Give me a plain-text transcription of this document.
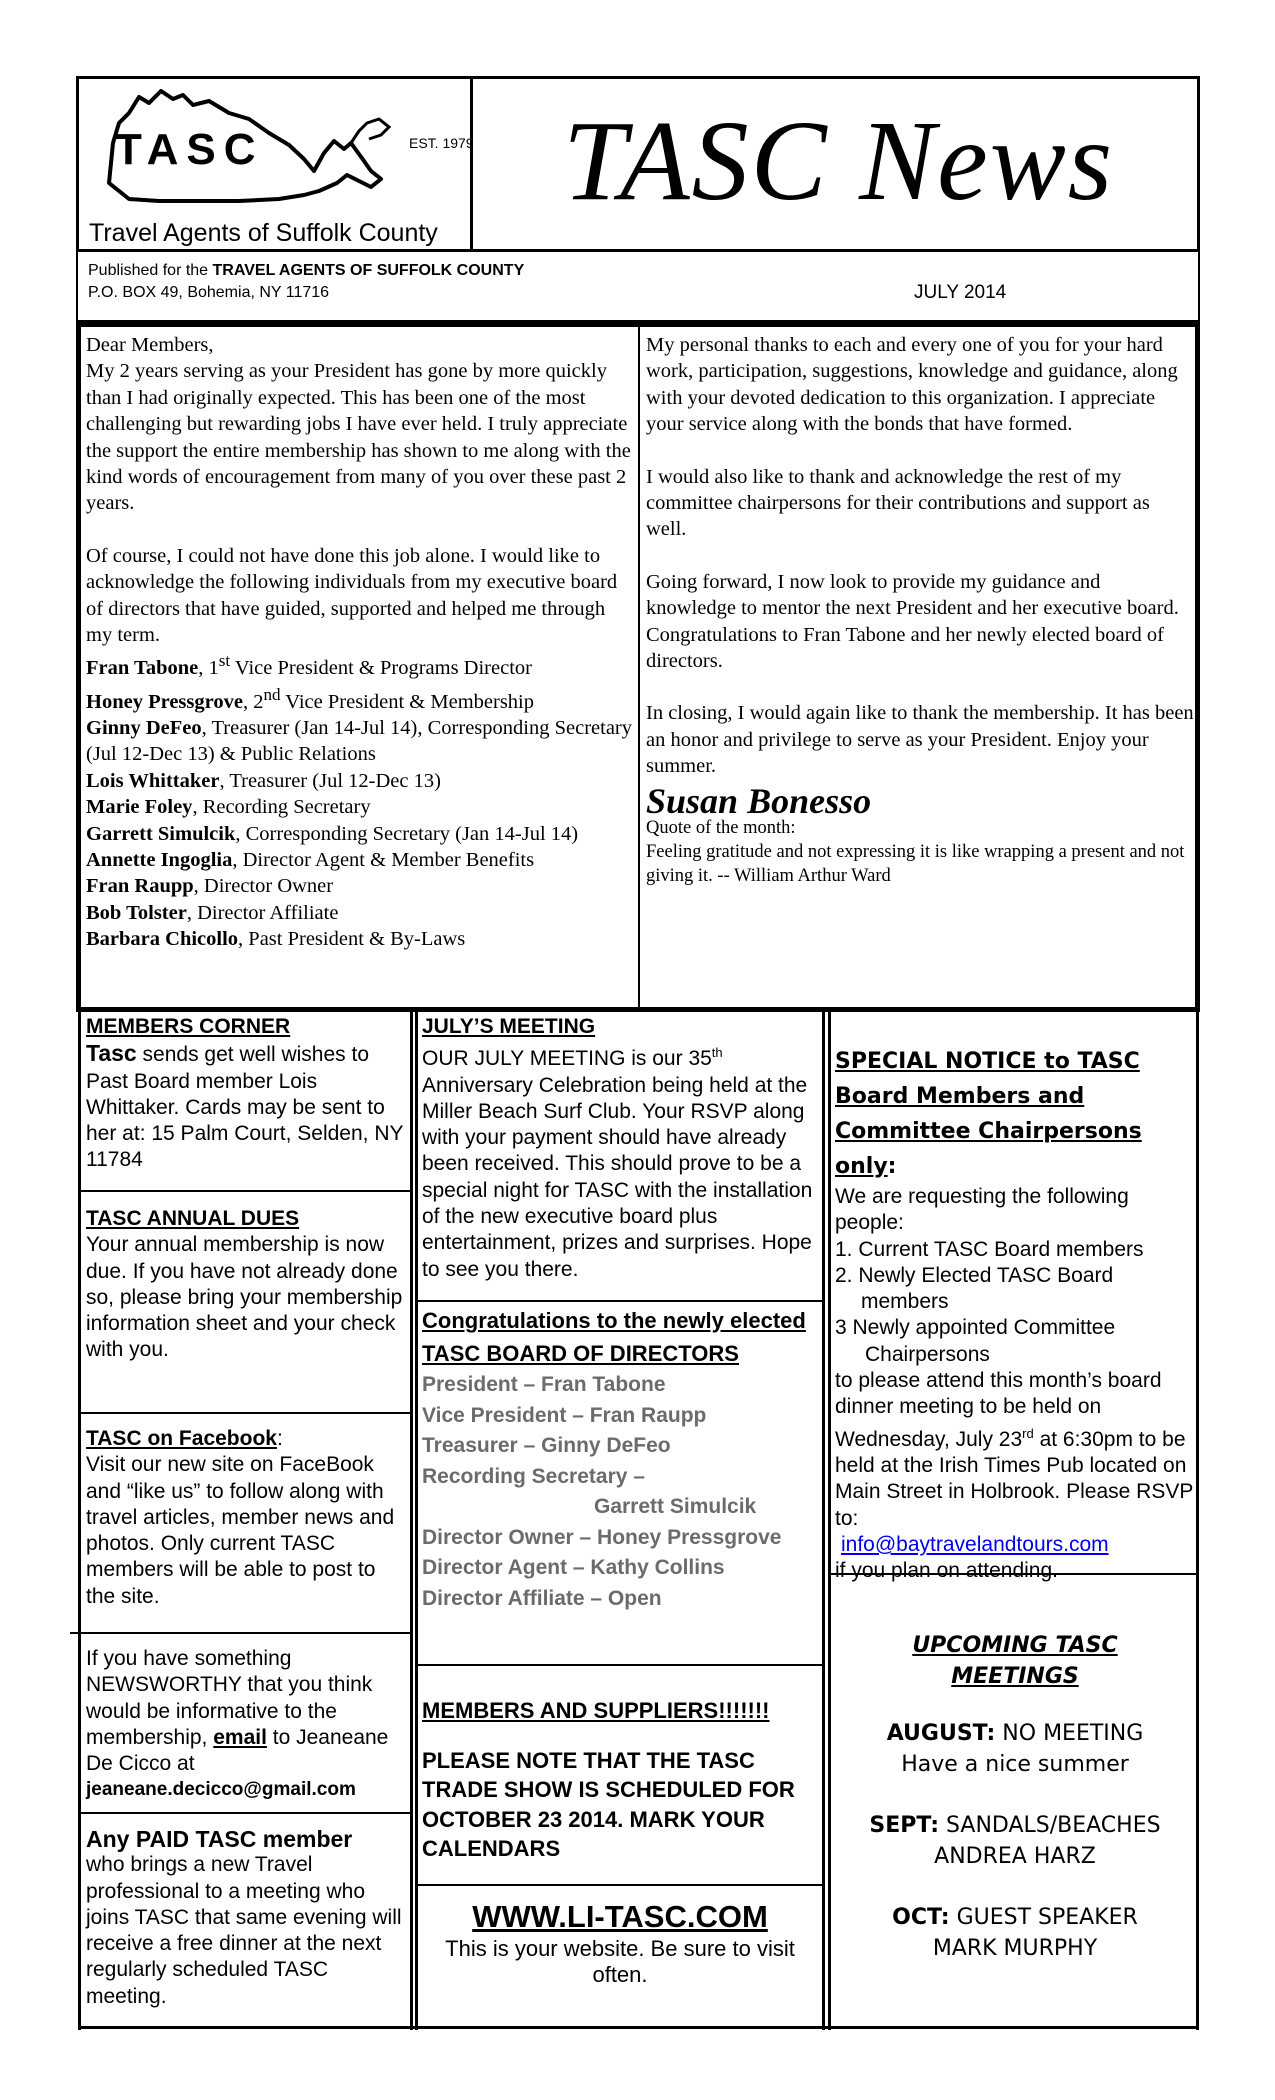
TASC	EST. 1979
Travel Agents of Suffolk County
TASC News
Published for the TRAVEL AGENTS OF SUFFOLK COUNTY
P.O. BOX 49, Bohemia, NY 11716	JULY 2014

Dear Members,

My 2 years serving as your President has gone by more quickly than I had originally expected. This has been one of the most challenging but rewarding jobs I have ever held. I truly appreciate the support the entire membership has shown to me along with the kind words of encouragement from many of you over these past 2 years.

Of course, I could not have done this job alone. I would like to acknowledge the following individuals from my executive board of directors that have guided, supported and helped me through my term.

Fran Tabone, 1st Vice President & Programs Director

Honey Pressgrove, 2nd Vice President & Membership

Ginny DeFeo, Treasurer (Jan 14-Jul 14), Corresponding Secretary (Jul 12-Dec 13) & Public Relations

Lois Whittaker, Treasurer (Jul 12-Dec 13)

Marie Foley, Recording Secretary

Garrett Simulcik, Corresponding Secretary (Jan 14-Jul 14)

Annette Ingoglia, Director Agent & Member Benefits

Fran Raupp, Director Owner

Bob Tolster, Director Affiliate

Barbara Chicollo, Past President & By-Laws

My personal thanks to each and every one of you for your hard work, participation, suggestions, knowledge and guidance, along with your devoted dedication to this organization. I appreciate your service along with the bonds that have formed.

I would also like to thank and acknowledge the rest of my committee chairpersons for their contributions and support as well.

Going forward, I now look to provide my guidance and knowledge to mentor the next President and her executive board. Congratulations to Fran Tabone and her newly elected board of directors.

In closing, I would again like to thank the membership. It has been an honor and privilege to serve as your President. Enjoy your summer.

Susan Bonesso

Quote of the month:

Feeling gratitude and not expressing it is like wrapping a present and not giving it. -- William Arthur Ward

MEMBERS CORNER

Tasc sends get well wishes to Past Board member Lois Whittaker. Cards may be sent to her at: 15 Palm Court, Selden, NY 11784

TASC ANNUAL DUES

Your annual membership is now due. If you have not already done so, please bring your membership information sheet and your check with you.

TASC on Facebook:

Visit our new site on FaceBook and “like us” to follow along with travel articles, member news and photos. Only current TASC members will be able to post to the site.

If you have something NEWSWORTHY that you think would be informative to the membership, email to Jeaneane De Cicco at

jeaneane.decicco@gmail.com

Any PAID TASC member

who brings a new Travel professional to a meeting who joins TASC that same evening will receive a free dinner at the next regularly scheduled TASC meeting.

JULY’S MEETING

OUR JULY MEETING is our 35th Anniversary Celebration being held at the Miller Beach Surf Club. Your RSVP along with your payment should have already been received. This should prove to be a special night for TASC with the installation of the new executive board plus entertainment, prizes and surprises. Hope to see you there.

Congratulations to the newly elected TASC BOARD OF DIRECTORS

President – Fran Tabone

Vice President – Fran Raupp

Treasurer – Ginny DeFeo

Recording Secretary –

Garrett Simulcik

Director Owner – Honey Pressgrove

Director Agent – Kathy Collins

Director Affiliate – Open

MEMBERS AND SUPPLIERS!!!!!!!

PLEASE NOTE THAT THE TASC TRADE SHOW IS SCHEDULED FOR OCTOBER 23 2014. MARK YOUR CALENDARS

WWW.LI-TASC.COM

This is your website. Be sure to visit often.

SPECIAL NOTICE to TASC Board Members and Committee Chairpersons only:

We are requesting the following people:

1. Current TASC Board members

2. Newly Elected TASC Board members

3 Newly appointed Committee Chairpersons

to please attend this month’s board dinner meeting to be held on Wednesday, July 23rd at 6:30pm to be held at the Irish Times Pub located on Main Street in Holbrook. Please RSVP to:

info@baytravelandtours.com

if you plan on attending.

UPCOMING TASC MEETINGS

AUGUST: NO MEETING

Have a nice summer

SEPT: SANDALS/BEACHES

ANDREA HARZ

OCT: GUEST SPEAKER

MARK MURPHY
